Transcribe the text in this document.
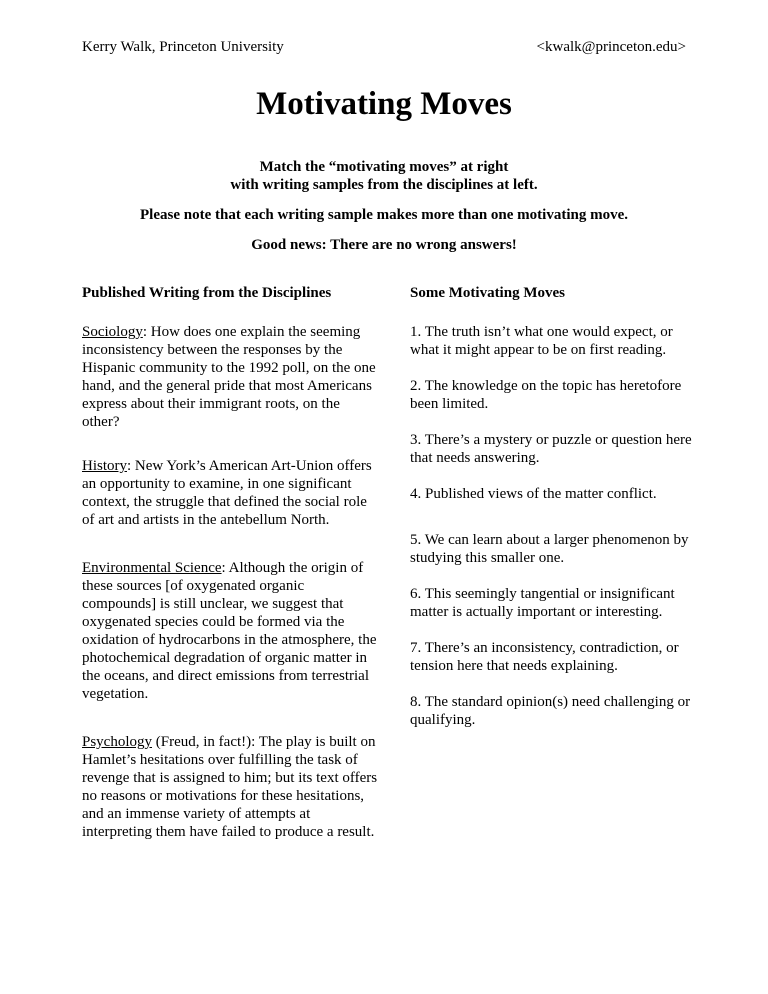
Kerry Walk, Princeton University	<kwalk@princeton.edu>
Motivating Moves
Match the “motivating moves” at right
with writing samples from the disciplines at left.
Please note that each writing sample makes more than one motivating move.
Good news: There are no wrong answers!

Published Writing from the Disciplines

Sociology: How does one explain the seeming inconsistency between the responses by the Hispanic community to the 1992 poll, on the one hand, and the general pride that most Americans express about their immigrant roots, on the other?

History: New York’s American Art-Union offers an opportunity to examine, in one significant context, the struggle that defined the social role of art and artists in the antebellum North.

Environmental Science: Although the origin of these sources [of oxygenated organic compounds] is still unclear, we suggest that oxygenated species could be formed via the oxidation of hydrocarbons in the atmosphere, the photochemical degradation of organic matter in the oceans, and direct emissions from terrestrial vegetation.

Psychology (Freud, in fact!): The play is built on Hamlet’s hesitations over fulfilling the task of revenge that is assigned to him; but its text offers no reasons or motivations for these hesitations, and an immense variety of attempts at interpreting them have failed to produce a result.

Some Motivating Moves

1. The truth isn’t what one would expect, or what it might appear to be on first reading.

2. The knowledge on the topic has heretofore been limited.

3. There’s a mystery or puzzle or question here that needs answering.

4. Published views of the matter conflict.

5. We can learn about a larger phenomenon by studying this smaller one.

6. This seemingly tangential or insignificant matter is actually important or interesting.

7. There’s an inconsistency, contradiction, or tension here that needs explaining.

8. The standard opinion(s) need challenging or qualifying.
